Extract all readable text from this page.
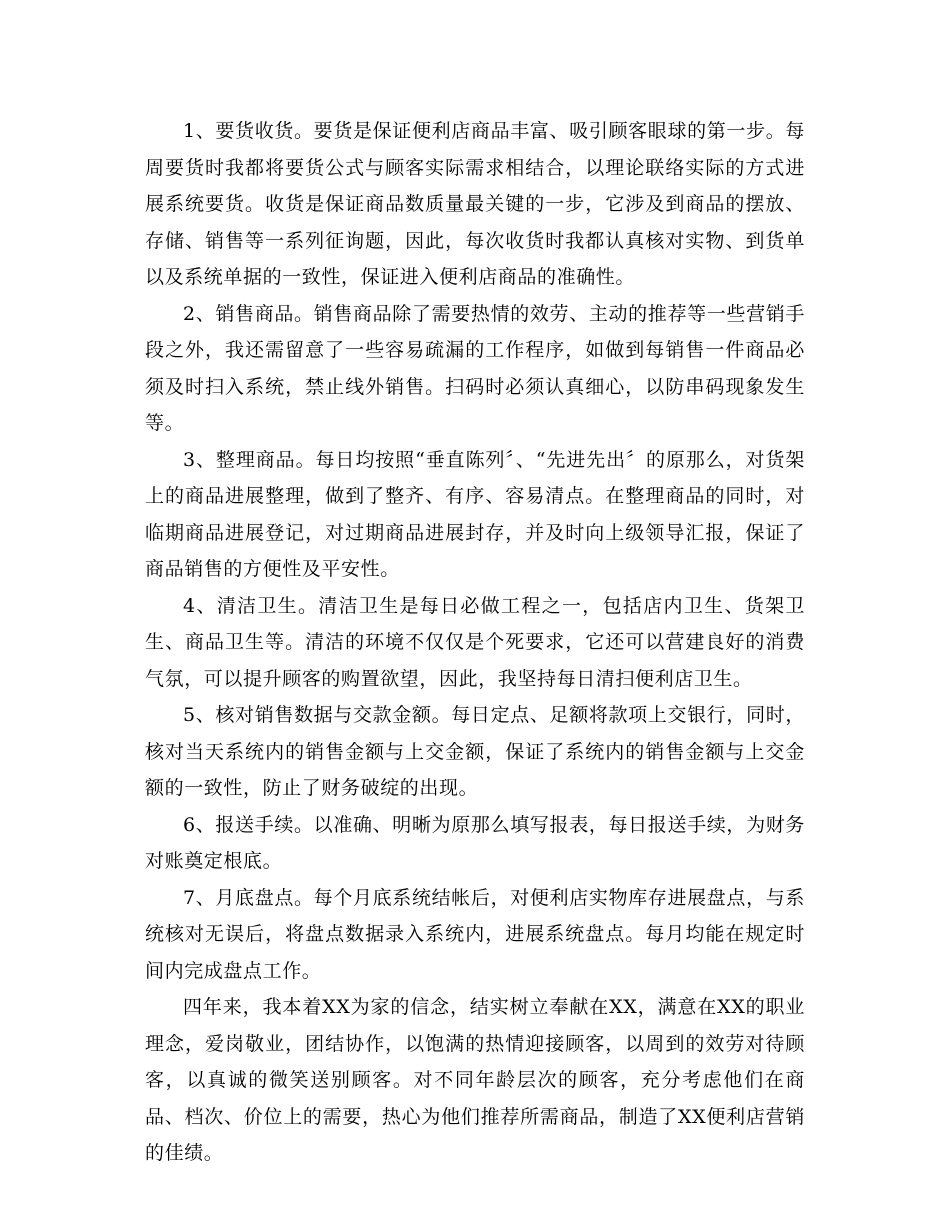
1、要货收货。要货是保证便利店商品丰富、吸引顾客眼球的第一步。每周要货时我都将要货公式与顾客实际需求相结合，以理论联络实际的方式进展系统要货。收货是保证商品数质量最关键的一步，它涉及到商品的摆放、存储、销售等一系列征询题，因此，每次收货时我都认真核对实物、到货单以及系统单据的一致性，保证进入便利店商品的准确性。

2、销售商品。销售商品除了需要热情的效劳、主动的推荐等一些营销手段之外，我还需留意了一些容易疏漏的工作程序，如做到每销售一件商品必须及时扫入系统，禁止线外销售。扫码时必须认真细心，以防串码现象发生等。

3、整理商品。每日均按照“垂直陈列〞、“先进先出〞的原那么，对货架上的商品进展整理，做到了整齐、有序、容易清点。在整理商品的同时，对临期商品进展登记，对过期商品进展封存，并及时向上级领导汇报，保证了商品销售的方便性及平安性。

4、清洁卫生。清洁卫生是每日必做工程之一，包括店内卫生、货架卫生、商品卫生等。清洁的环境不仅仅是个死要求，它还可以营建良好的消费气氛，可以提升顾客的购置欲望，因此，我坚持每日清扫便利店卫生。

5、核对销售数据与交款金额。每日定点、足额将款项上交银行，同时，核对当天系统内的销售金额与上交金额，保证了系统内的销售金额与上交金额的一致性，防止了财务破绽的出现。

6、报送手续。以准确、明晰为原那么填写报表，每日报送手续，为财务对账奠定根底。

7、月底盘点。每个月底系统结帐后，对便利店实物库存进展盘点，与系统核对无误后，将盘点数据录入系统内，进展系统盘点。每月均能在规定时间内完成盘点工作。

四年来，我本着XX为家的信念，结实树立奉献在XX，满意在XX的职业理念，爱岗敬业，团结协作，以饱满的热情迎接顾客，以周到的效劳对待顾客，以真诚的微笑送别顾客。对不同年龄层次的顾客，充分考虑他们在商品、档次、价位上的需要，热心为他们推荐所需商品，制造了XX便利店营销的佳绩。
